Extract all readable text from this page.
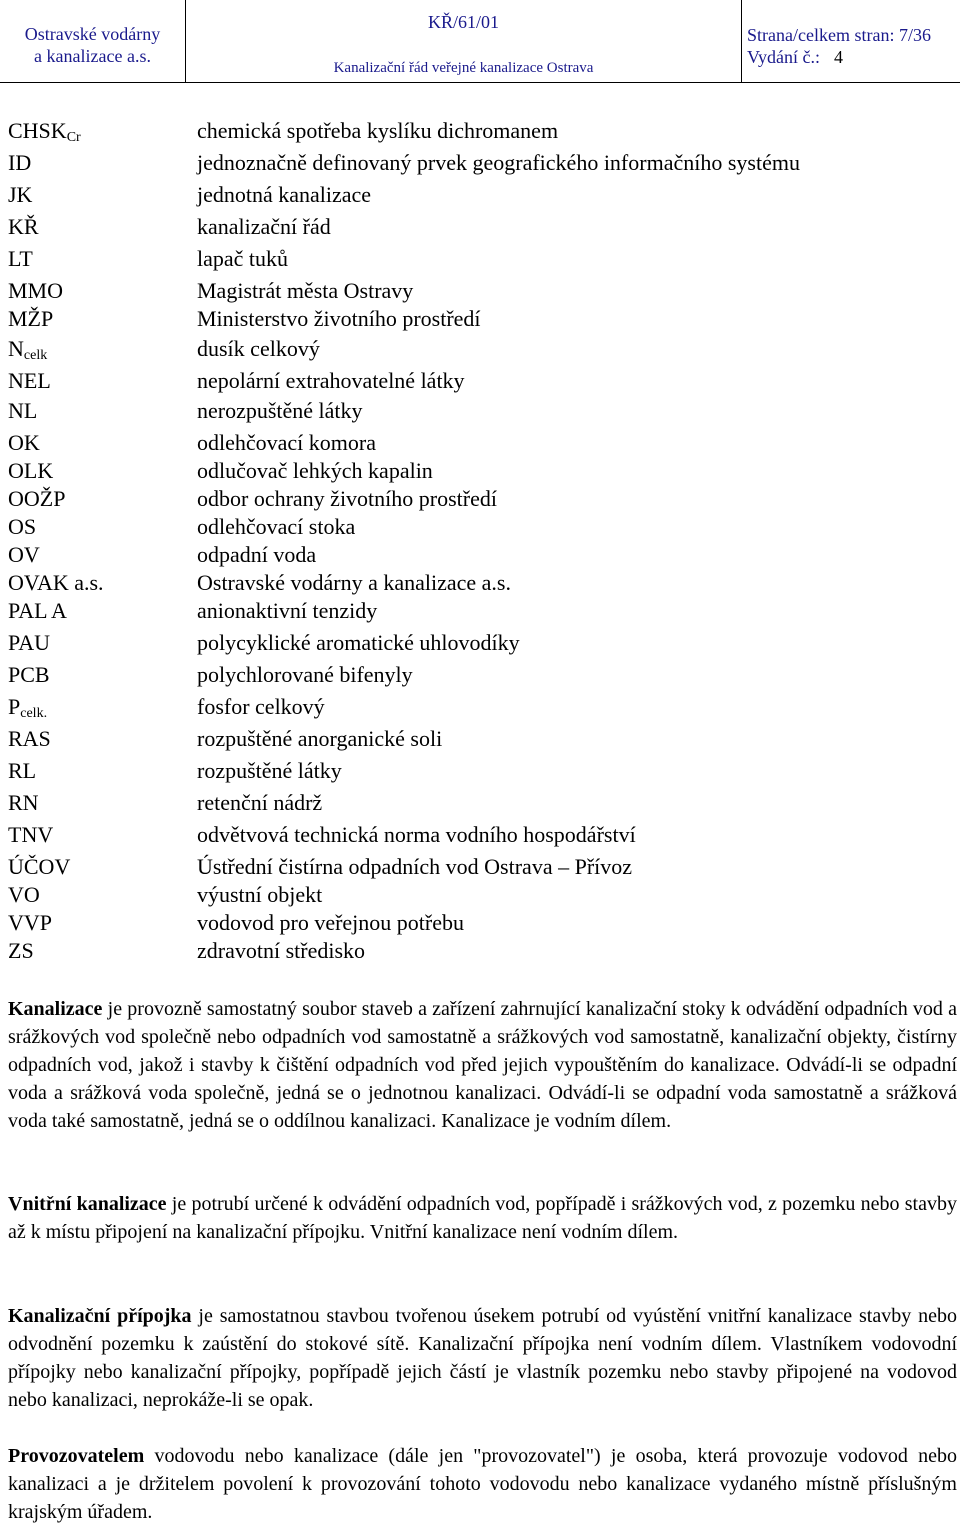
Ostravské vodárny
a kanalizace a.s.
KŘ/61/01
Kanalizační řád veřejné kanalizace Ostrava
Strana/celkem stran: 7/36
Vydání č.: 4
$CHSK_{Cr}$	chemická spotřeba kyslíku dichromanem
ID	jednoznačně definovaný prvek geografického informačního systému
JK	jednotná kanalizace
KŘ	kanalizační řád
LT	lapač tuků
MMO	Magistrát města Ostravy
MŽP	Ministerstvo životního prostředí
$N_{celk}$	dusík celkový
NEL	nepolární extrahovatelné látky
NL	nerozpuštěné látky
OK	odlehčovací komora
OLK	odlučovač lehkých kapalin
OOŽP	odbor ochrany životního prostředí
OS	odlehčovací stoka
OV	odpadní voda
OVAK a.s.	Ostravské vodárny a kanalizace a.s.
PAL A	anionaktivní tenzidy
PAU	polycyklické aromatické uhlovodíky
PCB	polychlorované bifenyly
$P_{celk.}$	fosfor celkový
RAS	rozpuštěné anorganické soli
RL	rozpuštěné látky
RN	retenční nádrž
TNV	odvětvová technická norma vodního hospodářství
ÚČOV	Ústřední čistírna odpadních vod Ostrava – Přívoz
VO	výustní objekt
VVP	vodovod pro veřejnou potřebu
ZS	zdravotní středisko

Kanalizace je provozně samostatný soubor staveb a zařízení zahrnující kanalizační stoky k odvádění odpadních vod a srážkových vod společně nebo odpadních vod samostatně a srážkových vod samostatně, kanalizační objekty, čistírny odpadních vod, jakož i stavby k čištění odpadních vod před jejich vypouštěním do kanalizace. Odvádí-li se odpadní voda a srážková voda společně, jedná se o jednotnou kanalizaci. Odvádí-li se odpadní voda samostatně a srážková voda také samostatně, jedná se o oddílnou kanalizaci. Kanalizace je vodním dílem.

Vnitřní kanalizace je potrubí určené k odvádění odpadních vod, popřípadě i srážkových vod, z pozemku nebo stavby až k místu připojení na kanalizační přípojku. Vnitřní kanalizace není vodním dílem.

Kanalizační přípojka je samostatnou stavbou tvořenou úsekem potrubí od vyústění vnitřní kanalizace stavby nebo odvodnění pozemku k zaústění do stokové sítě. Kanalizační přípojka není vodním dílem. Vlastníkem vodovodní přípojky nebo kanalizační přípojky, popřípadě jejich částí je vlastník pozemku nebo stavby připojené na vodovod nebo kanalizaci, neprokáže-li se opak.

Provozovatelem vodovodu nebo kanalizace (dále jen "provozovatel") je osoba, která provozuje vodovod nebo kanalizaci a je držitelem povolení k provozování tohoto vodovodu nebo kanalizace vydaného místně příslušným krajským úřadem.
